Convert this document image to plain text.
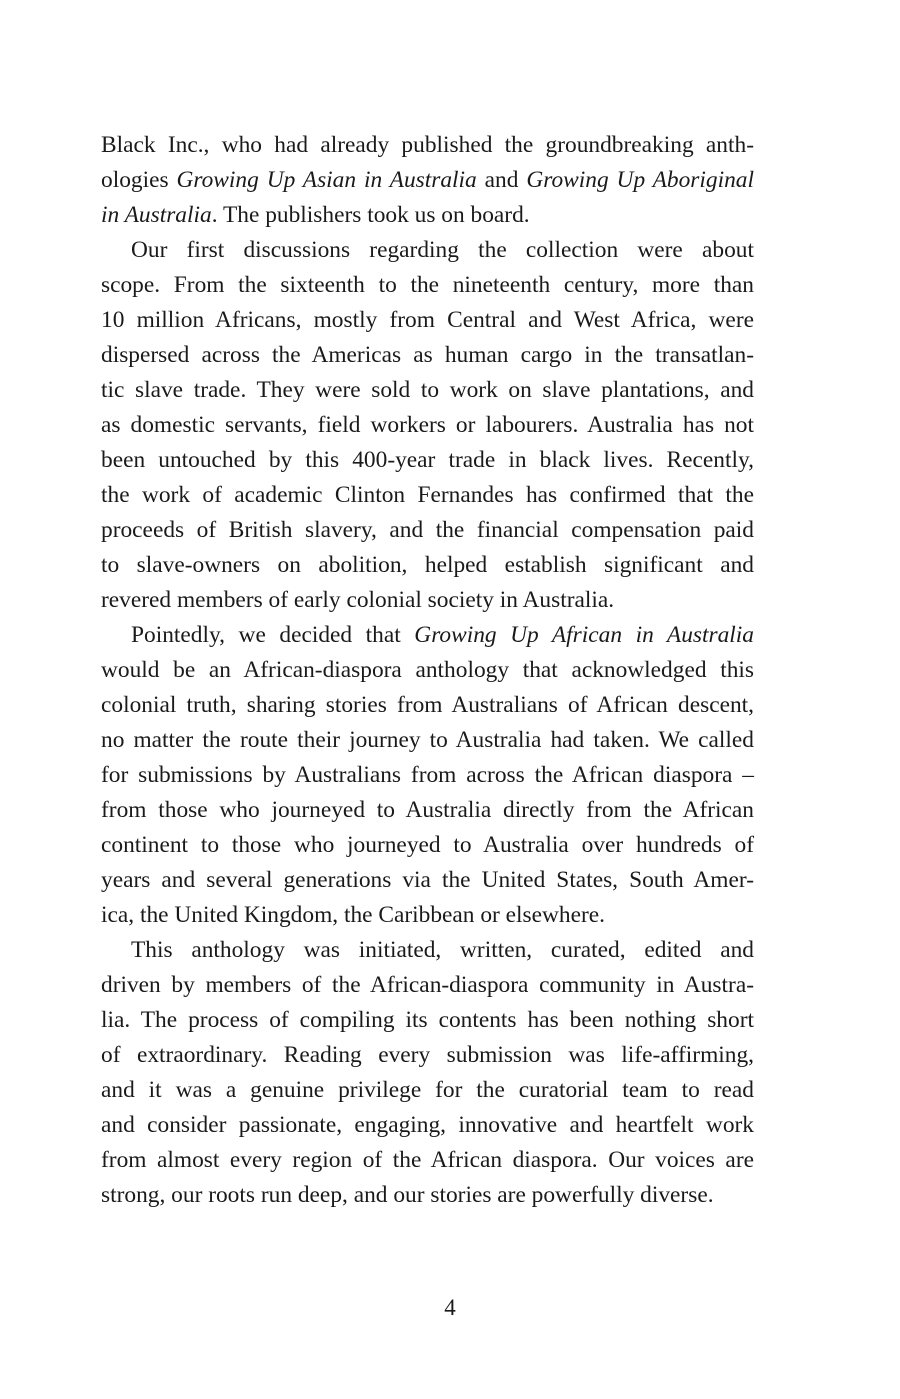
Black Inc., who had already published the groundbreaking anth-
ologies Growing Up Asian in Australia and Growing Up Aboriginal
in Australia. The publishers took us on board.
Our first discussions regarding the collection were about
scope. From the sixteenth to the nineteenth century, more than
10 million Africans, mostly from Central and West Africa, were
dispersed across the Americas as human cargo in the transatlan-
tic slave trade. They were sold to work on slave plantations, and
as domestic servants, field workers or labourers. Australia has not
been untouched by this 400-year trade in black lives. Recently,
the work of academic Clinton Fernandes has confirmed that the
proceeds of British slavery, and the financial compensation paid
to slave-owners on abolition, helped establish significant and
revered members of early colonial society in Australia.
Pointedly, we decided that Growing Up African in Australia
would be an African-diaspora anthology that acknowledged this
colonial truth, sharing stories from Australians of African descent,
no matter the route their journey to Australia had taken. We called
for submissions by Australians from across the African diaspora –
from those who journeyed to Australia directly from the African
continent to those who journeyed to Australia over hundreds of
years and several generations via the United States, South Amer-
ica, the United Kingdom, the Caribbean or elsewhere.
This anthology was initiated, written, curated, edited and
driven by members of the African-diaspora community in Austra-
lia. The process of compiling its contents has been nothing short
of extraordinary. Reading every submission was life-affirming,
and it was a genuine privilege for the curatorial team to read
and consider passionate, engaging, innovative and heartfelt work
from almost every region of the African diaspora. Our voices are
strong, our roots run deep, and our stories are powerfully diverse.
4
